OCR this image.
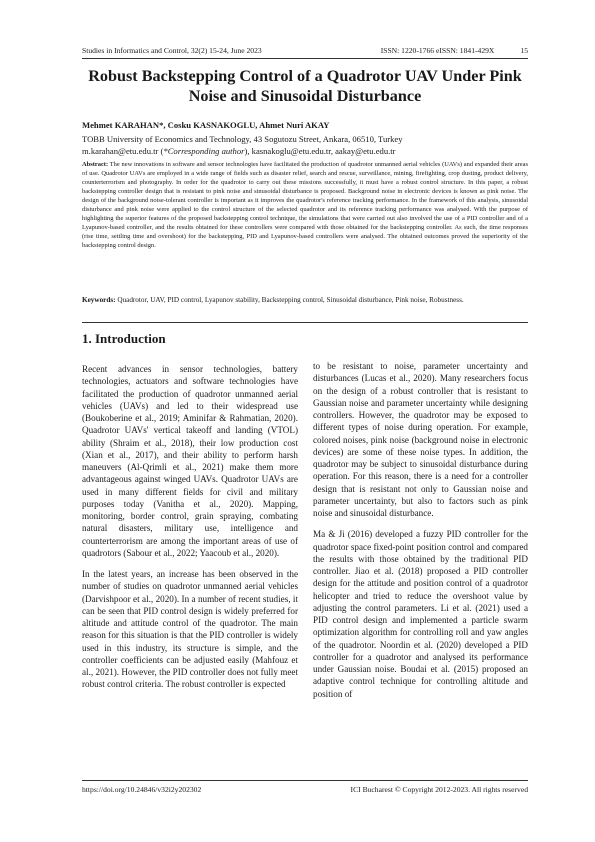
Studies in Informatics and Control, 32(2) 15-24, June 2023	ISSN: 1220-1766 eISSN: 1841-429X	15
Robust Backstepping Control of a Quadrotor UAV Under Pink Noise and Sinusoidal Disturbance
Mehmet KARAHAN*, Cosku KASNAKOGLU, Ahmet Nuri AKAY
TOBB University of Economics and Technology, 43 Sogutozu Street, Ankara, 06510, Turkey
m.karahan@etu.edu.tr (*Corresponding author), kasnakoglu@etu.edu.tr, aakay@etu.edu.tr
Abstract: The new innovations in software and sensor technologies have facilitated the production of quadrotor unmanned aerial vehicles (UAVs) and expanded their areas of use. Quadrotor UAVs are employed in a wide range of fields such as disaster relief, search and rescue, surveillance, mining, firefighting, crop dusting, product delivery, counterterrorism and photography. In order for the quadrotor to carry out these missions successfully, it must have a robust control structure. In this paper, a robust backstepping controller design that is resistant to pink noise and sinusoidal disturbance is proposed. Background noise in electronic devices is known as pink noise. The design of the background noise-tolerant controller is important as it improves the quadrotor's reference tracking performance. In the framework of this analysis, sinusoidal disturbance and pink noise were applied to the control structure of the selected quadrotor and its reference tracking performance was analysed. With the purpose of highlighting the superior features of the proposed backstepping control technique, the simulations that were carried out also involved the use of a PID controller and of a Lyapunov-based controller, and the results obtained for these controllers were compared with those obtained for the backstepping controller. As such, the time responses (rise time, settling time and overshoot) for the backstepping, PID and Lyapunov-based controllers were analysed. The obtained outcomes proved the superiority of the backstepping control design.
Keywords: Quadrotor, UAV, PID control, Lyapunov stability, Backstepping control, Sinusoidal disturbance, Pink noise, Robustness.
1. Introduction

Recent advances in sensor technologies, battery technologies, actuators and software technologies have facilitated the production of quadrotor unmanned aerial vehicles (UAVs) and led to their widespread use (Boukoberine et al., 2019; Aminifar & Rahmatian, 2020). Quadrotor UAVs' vertical takeoff and landing (VTOL) ability (Shraim et al., 2018), their low production cost (Xian et al., 2017), and their ability to perform harsh maneuvers (Al-Qrimli et al., 2021) make them more advantageous against winged UAVs. Quadrotor UAVs are used in many different fields for civil and military purposes today (Vanitha et al., 2020). Mapping, monitoring, border control, grain spraying, combating natural disasters, military use, intelligence and counterterrorism are among the important areas of use of quadrotors (Sabour et al., 2022; Yaacoub et al., 2020).

In the latest years, an increase has been observed in the number of studies on quadrotor unmanned aerial vehicles (Darvishpoor et al., 2020). In a number of recent studies, it can be seen that PID control design is widely preferred for altitude and attitude control of the quadrotor. The main reason for this situation is that the PID controller is widely used in this industry, its structure is simple, and the controller coefficients can be adjusted easily (Mahfouz et al., 2021). However, the PID controller does not fully meet robust control criteria. The robust controller is expected

to be resistant to noise, parameter uncertainty and disturbances (Lucas et al., 2020). Many researchers focus on the design of a robust controller that is resistant to Gaussian noise and parameter uncertainty while designing controllers. However, the quadrotor may be exposed to different types of noise during operation. For example, colored noises, pink noise (background noise in electronic devices) are some of these noise types. In addition, the quadrotor may be subject to sinusoidal disturbance during operation. For this reason, there is a need for a controller design that is resistant not only to Gaussian noise and parameter uncertainty, but also to factors such as pink noise and sinusoidal disturbance.

Ma & Ji (2016) developed a fuzzy PID controller for the quadrotor space fixed-point position control and compared the results with those obtained by the traditional PID controller. Jiao et al. (2018) proposed a PID controller design for the attitude and position control of a quadrotor helicopter and tried to reduce the overshoot value by adjusting the control parameters. Li et al. (2021) used a PID control design and implemented a particle swarm optimization algorithm for controlling roll and yaw angles of the quadrotor. Noordin et al. (2020) developed a PID controller for a quadrotor and analysed its performance under Gaussian noise. Boudai et al. (2015) proposed an adaptive control technique for controlling altitude and position of

https://doi.org/10.24846/v32i2y202302	ICI Bucharest © Copyright 2012-2023. All rights reserved
